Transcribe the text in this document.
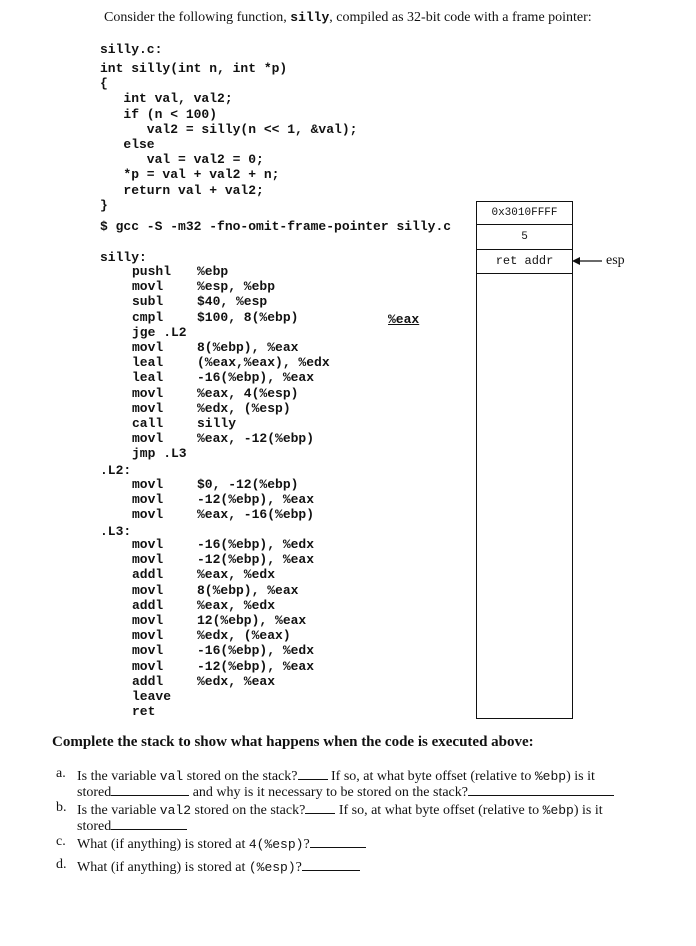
Consider the following function, silly, compiled as 32-bit code with a frame pointer:
silly.c:
int silly(int n, int *p)
{
int val, val2;
if (n < 100)
val2 = silly(n << 1, &val);
else
val = val2 = 0;
*p = val + val2 + n;
return val + val2;
}
$ gcc -S -m32 -fno-omit-frame-pointer silly.c
silly:
pushl %ebp
movl	%esp, %ebp
subl	$40, %esp
cmpl	$100, 8(%ebp)
jge .L2
movl	8(%ebp), %eax
leal	(%eax,%eax), %edx
leal	-16(%ebp), %eax
movl	%eax, 4(%esp)
movl	%edx, (%esp)
call	silly
movl	%eax, -12(%ebp)
jmp .L3
.L2:
movl	$0, -12(%ebp)
movl	-12(%ebp), %eax
movl	%eax, -16(%ebp)
.L3:
movl	-16(%ebp), %edx
movl	-12(%ebp), %eax
addl	%eax, %edx
movl	8(%ebp), %eax
addl	%eax, %edx
movl	12(%ebp), %eax
movl	%edx, (%eax)
movl	-16(%ebp), %edx
movl	-12(%ebp), %eax
addl	%edx, %eax
leave
ret
%eax
0x3010FFFF
5
ret addr	esp
Complete the stack to show what happens when the code is executed above:
a. Is the variable val stored on the stack? If so, at what byte offset (relative to %ebp) is it
stored	and why is it necessary to be stored on the stack?
b. Is the variable val2 stored on the stack? If so, at what byte offset (relative to %ebp) is it
stored
c. What (if anything) is stored at 4(%esp)?
d. What (if anything) is stored at (%esp)?
